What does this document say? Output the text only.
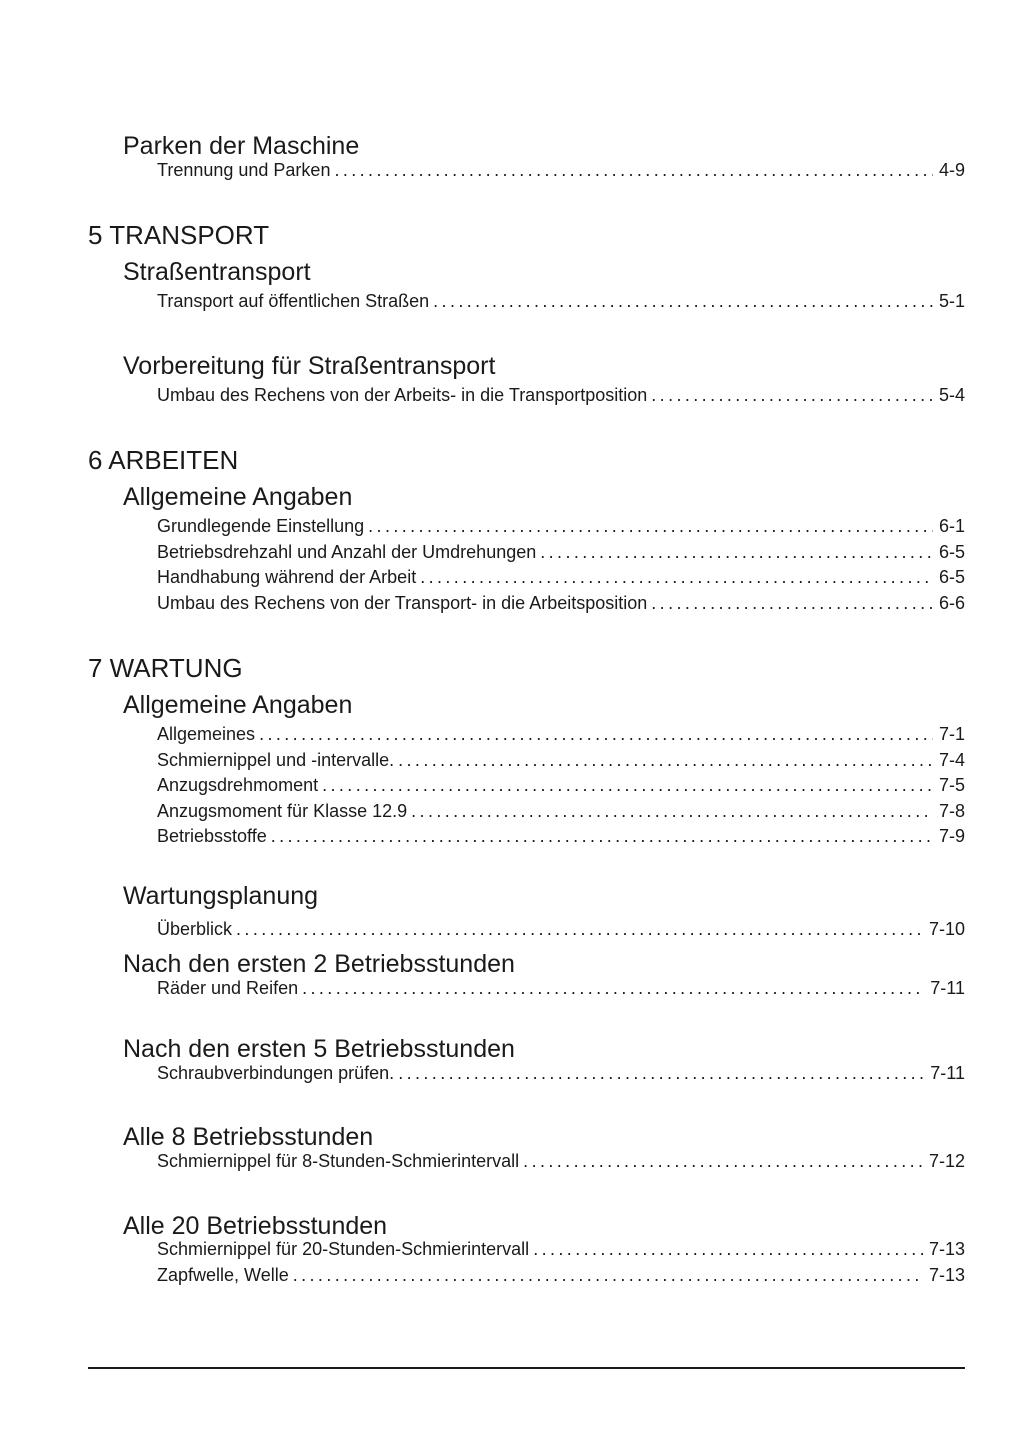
Parken der Maschine
Trennung und Parken .....	4-9
5 TRANSPORT
Straßentransport
Transport auf öffentlichen Straßen .....	5-1
Vorbereitung für Straßentransport
Umbau des Rechens von der Arbeits- in die Transportposition .....	5-4
6 ARBEITEN
Allgemeine Angaben
Grundlegende Einstellung .....	6-1
Betriebsdrehzahl und Anzahl der Umdrehungen .....	6-5
Handhabung während der Arbeit .....	6-5
Umbau des Rechens von der Transport- in die Arbeitsposition .....	6-6
7 WARTUNG
Allgemeine Angaben
Allgemeines .....	7-1
Schmiernippel und -intervalle. .....	7-4
Anzugsdrehmoment .....	7-5
Anzugsmoment für Klasse 12.9 .....	7-8
Betriebsstoffe .....	7-9
Wartungsplanung
Überblick .....	7-10
Nach den ersten 2 Betriebsstunden
Räder und Reifen .....	7-11
Nach den ersten 5 Betriebsstunden
Schraubverbindungen prüfen. .....	7-11
Alle 8 Betriebsstunden
Schmiernippel für 8-Stunden-Schmierintervall .....	7-12
Alle 20 Betriebsstunden
Schmiernippel für 20-Stunden-Schmierintervall .....	7-13
Zapfwelle, Welle .....	7-13
